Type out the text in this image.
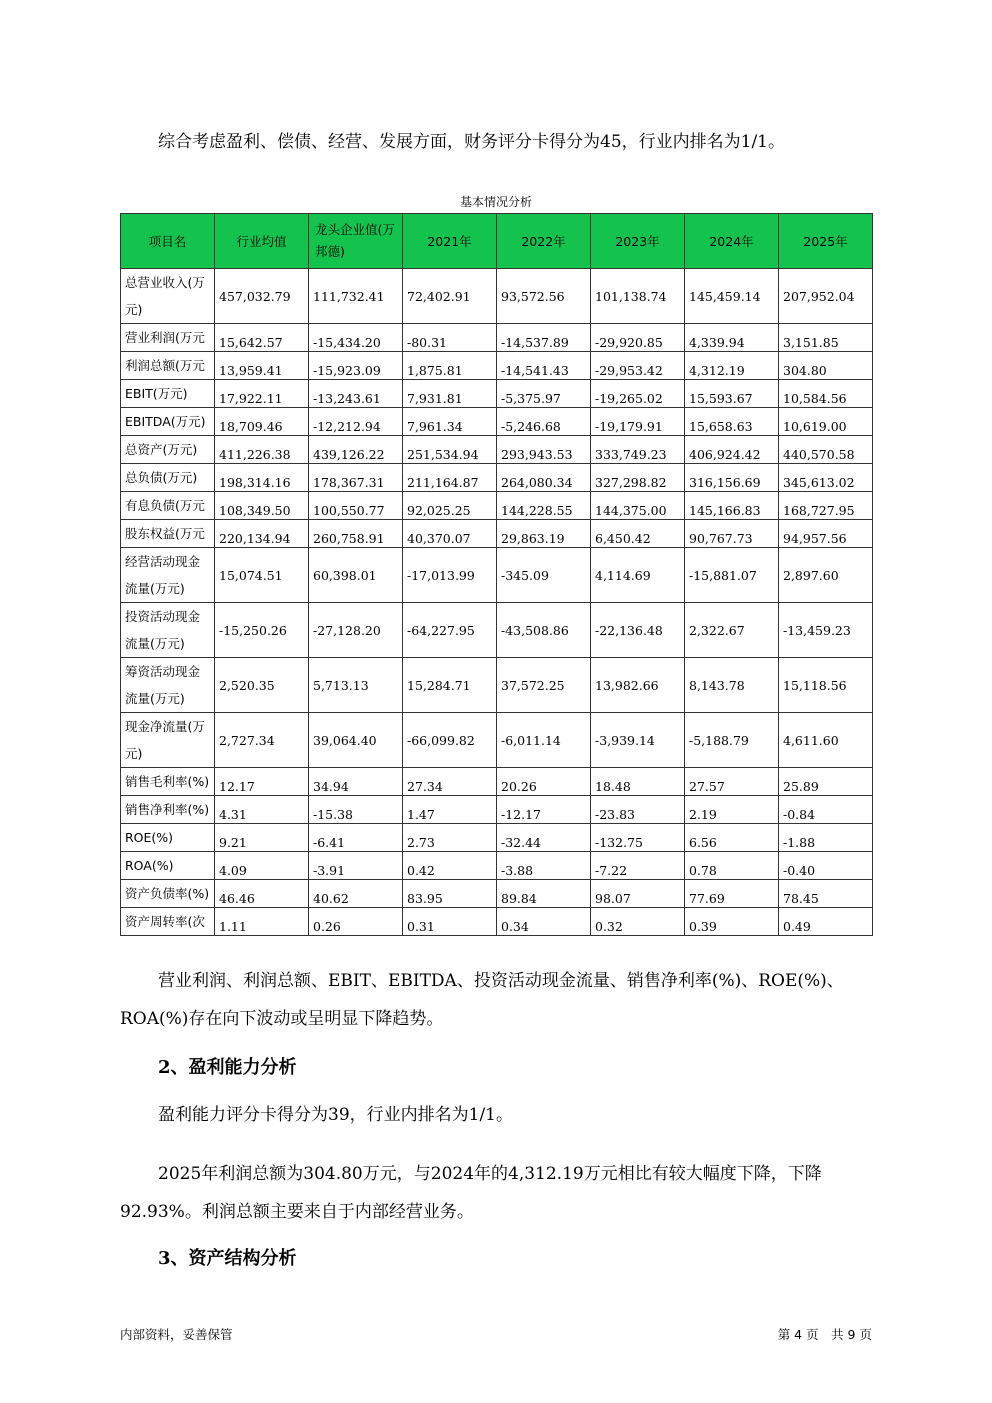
综合考虑盈利、偿债、经营、发展方面，财务评分卡得分为45，行业内排名为1/1。

基本情况分析
项目名	行业均值	龙头企业值(万邦德)	2021年	2022年	2023年	2024年	2025年
总营业收入(万元)	457,032.79	111,732.41	72,402.91	93,572.56	101,138.74	145,459.14	207,952.04
营业利润(万元	15,642.57	-15,434.20	-80.31	-14,537.89	-29,920.85	4,339.94	3,151.85
利润总额(万元	13,959.41	-15,923.09	1,875.81	-14,541.43	-29,953.42	4,312.19	304.80
EBIT(万元)	17,922.11	-13,243.61	7,931.81	-5,375.97	-19,265.02	15,593.67	10,584.56
EBITDA(万元)	18,709.46	-12,212.94	7,961.34	-5,246.68	-19,179.91	15,658.63	10,619.00
总资产(万元)	411,226.38	439,126.22	251,534.94	293,943.53	333,749.23	406,924.42	440,570.58
总负债(万元)	198,314.16	178,367.31	211,164.87	264,080.34	327,298.82	316,156.69	345,613.02
有息负债(万元	108,349.50	100,550.77	92,025.25	144,228.55	144,375.00	145,166.83	168,727.95
股东权益(万元	220,134.94	260,758.91	40,370.07	29,863.19	6,450.42	90,767.73	94,957.56
经营活动现金流量(万元)	15,074.51	60,398.01	-17,013.99	-345.09	4,114.69	-15,881.07	2,897.60
投资活动现金流量(万元)	-15,250.26	-27,128.20	-64,227.95	-43,508.86	-22,136.48	2,322.67	-13,459.23
筹资活动现金流量(万元)	2,520.35	5,713.13	15,284.71	37,572.25	13,982.66	8,143.78	15,118.56
现金净流量(万元)	2,727.34	39,064.40	-66,099.82	-6,011.14	-3,939.14	-5,188.79	4,611.60
销售毛利率(%)	12.17	34.94	27.34	20.26	18.48	27.57	25.89
销售净利率(%)	4.31	-15.38	1.47	-12.17	-23.83	2.19	-0.84
ROE(%)	9.21	-6.41	2.73	-32.44	-132.75	6.56	-1.88
ROA(%)	4.09	-3.91	0.42	-3.88	-7.22	0.78	-0.40
资产负债率(%)	46.46	40.62	83.95	89.84	98.07	77.69	78.45
资产周转率(次	1.11	0.26	0.31	0.34	0.32	0.39	0.49

营业利润、利润总额、EBIT、EBITDA、投资活动现金流量、销售净利率(%)、ROE(%)、ROA(%)存在向下波动或呈明显下降趋势。

2、盈利能力分析

盈利能力评分卡得分为39，行业内排名为1/1。

2025年利润总额为304.80万元，与2024年的4,312.19万元相比有较大幅度下降，下降92.93%。利润总额主要来自于内部经营业务。

3、资产结构分析
内部资料，妥善保管	第 4 页　共 9 页
